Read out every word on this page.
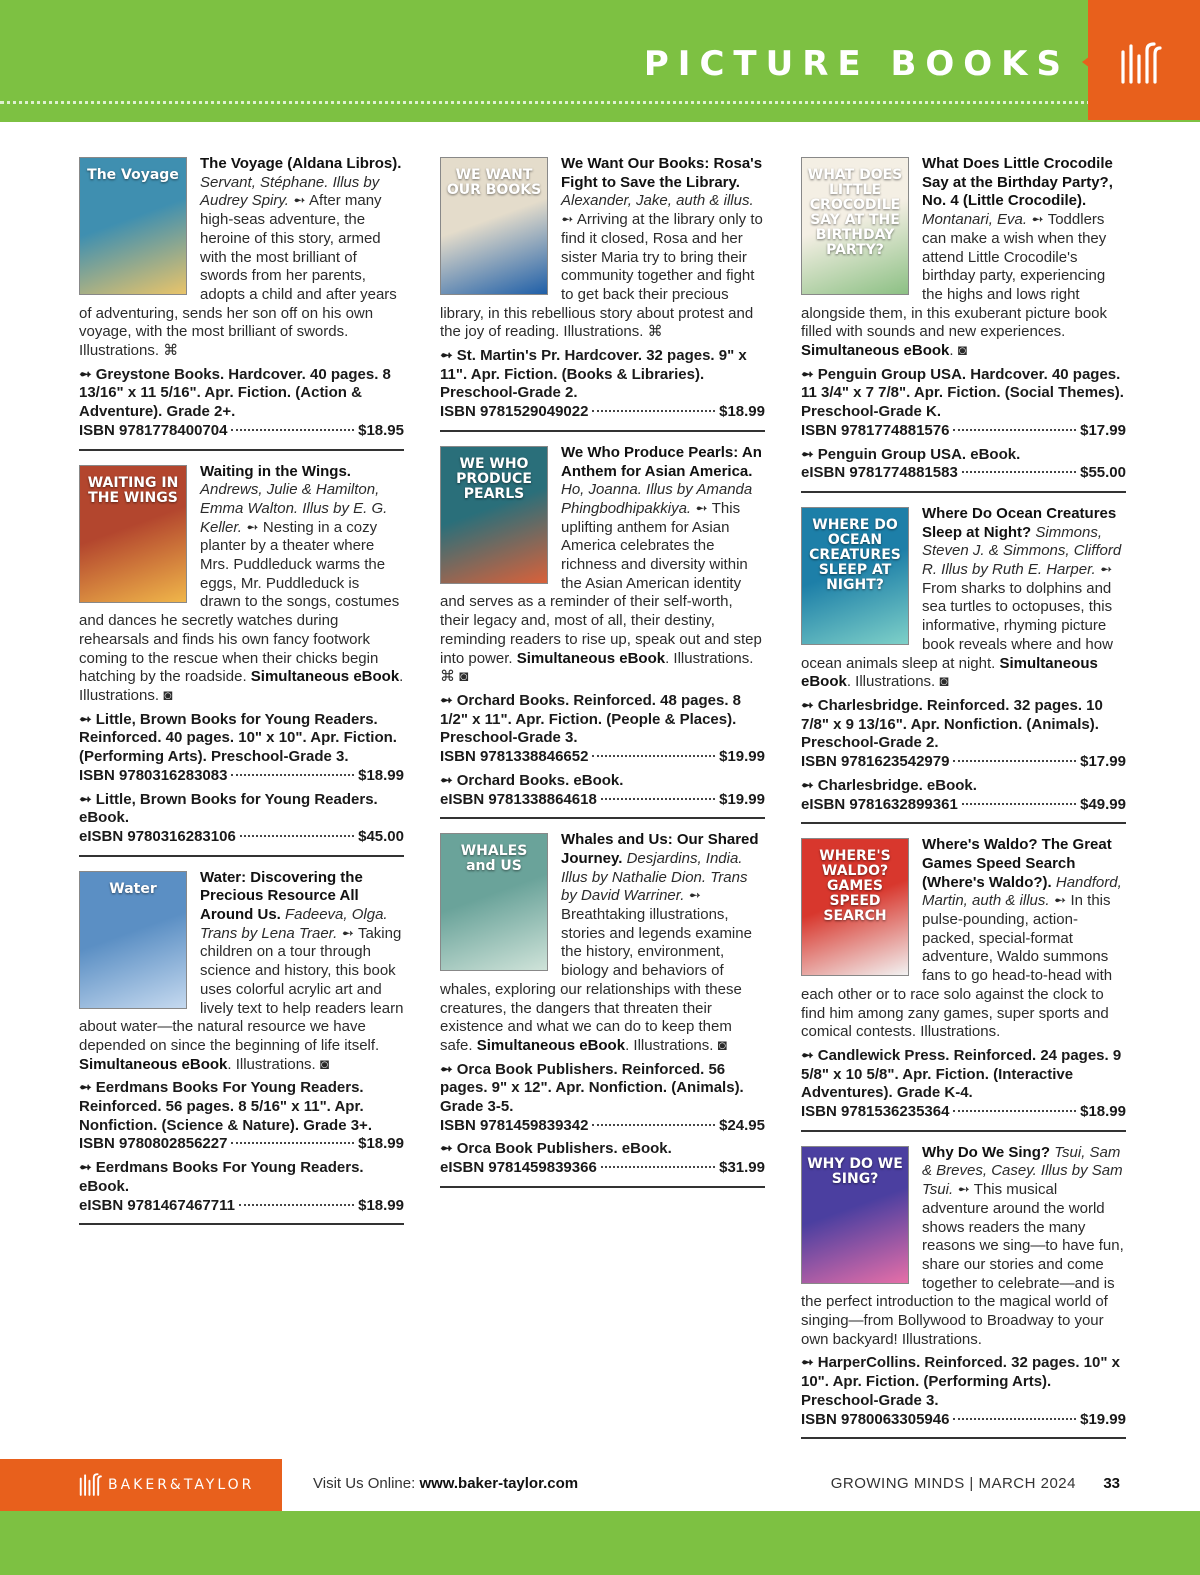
PICTURE BOOKS
The Voyage
The Voyage (Aldana Libros). Servant, Stéphane. Illus by Audrey Spiry. ➻ After many high-seas adventure, the heroine of this story, armed with the most brilliant of swords from her parents, adopts a child and after years of adventuring, sends her son off on his own voyage, with the most brilliant of swords. Illustrations. ⌘
➻ Greystone Books. Hardcover. 40 pages. 8 13/16" x 11 5/16". Apr. Fiction. (Action & Adventure). Grade 2+.
ISBN 9781778400704	$18.95
WAITING IN THE WINGS
Waiting in the Wings. Andrews, Julie & Hamilton, Emma Walton. Illus by E. G. Keller. ➻ Nesting in a cozy planter by a theater where Mrs. Puddleduck warms the eggs, Mr. Puddleduck is drawn to the songs, costumes and dances he secretly watches during rehearsals and finds his own fancy footwork coming to the rescue when their chicks begin hatching by the roadside. Simultaneous eBook. Illustrations. ◙
➻ Little, Brown Books for Young Readers. Reinforced. 40 pages. 10" x 10". Apr. Fiction. (Performing Arts). Preschool-Grade 3.
ISBN 9780316283083	$18.99
➻ Little, Brown Books for Young Readers. eBook.
eISBN 9780316283106	$45.00
Water
Water: Discovering the Precious Resource All Around Us. Fadeeva, Olga. Trans by Lena Traer. ➻ Taking children on a tour through science and history, this book uses colorful acrylic art and lively text to help readers learn about water—the natural resource we have depended on since the beginning of life itself. Simultaneous eBook. Illustrations. ◙
➻ Eerdmans Books For Young Readers. Reinforced. 56 pages. 8 5/16" x 11". Apr. Nonfiction. (Science & Nature). Grade 3+.
ISBN 9780802856227	$18.99
➻ Eerdmans Books For Young Readers. eBook.
eISBN 9781467467711	$18.99
WE WANT OUR BOOKS
We Want Our Books: Rosa's Fight to Save the Library. Alexander, Jake, auth & illus. ➻ Arriving at the library only to find it closed, Rosa and her sister Maria try to bring their community together and fight to get back their precious library, in this rebellious story about protest and the joy of reading. Illustrations. ⌘
➻ St. Martin's Pr. Hardcover. 32 pages. 9" x 11". Apr. Fiction. (Books & Libraries). Preschool-Grade 2.
ISBN 9781529049022	$18.99
WE WHO PRODUCE PEARLS
We Who Produce Pearls: An Anthem for Asian America. Ho, Joanna. Illus by Amanda Phingbodhipakkiya. ➻ This uplifting anthem for Asian America celebrates the richness and diversity within the Asian American identity and serves as a reminder of their self-worth, their legacy and, most of all, their destiny, reminding readers to rise up, speak out and step into power. Simultaneous eBook. Illustrations. ⌘ ◙
➻ Orchard Books. Reinforced. 48 pages. 8 1/2" x 11". Apr. Fiction. (People & Places). Preschool-Grade 3.
ISBN 9781338846652	$19.99
➻ Orchard Books. eBook.
eISBN 9781338864618	$19.99
WHALES and US
Whales and Us: Our Shared Journey. Desjardins, India. Illus by Nathalie Dion. Trans by David Warriner. ➻ Breathtaking illustrations, stories and legends examine the history, environment, biology and behaviors of whales, exploring our relationships with these creatures, the dangers that threaten their existence and what we can do to keep them safe. Simultaneous eBook. Illustrations. ◙
➻ Orca Book Publishers. Reinforced. 56 pages. 9" x 12". Apr. Nonfiction. (Animals). Grade 3-5.
ISBN 9781459839342	$24.95
➻ Orca Book Publishers. eBook.
eISBN 9781459839366	$31.99
WHAT DOES LITTLE CROCODILE SAY AT THE BIRTHDAY PARTY?
What Does Little Crocodile Say at the Birthday Party?, No. 4 (Little Crocodile). Montanari, Eva. ➻ Toddlers can make a wish when they attend Little Crocodile's birthday party, experiencing the highs and lows right alongside them, in this exuberant picture book filled with sounds and new experiences. Simultaneous eBook. ◙
➻ Penguin Group USA. Hardcover. 40 pages. 11 3/4" x 7 7/8". Apr. Fiction. (Social Themes). Preschool-Grade K.
ISBN 9781774881576	$17.99
➻ Penguin Group USA. eBook.
eISBN 9781774881583	$55.00
WHERE DO OCEAN CREATURES SLEEP AT NIGHT?
Where Do Ocean Creatures Sleep at Night? Simmons, Steven J. & Simmons, Clifford R. Illus by Ruth E. Harper. ➻ From sharks to dolphins and sea turtles to octopuses, this informative, rhyming picture book reveals where and how ocean animals sleep at night. Simultaneous eBook. Illustrations. ◙
➻ Charlesbridge. Reinforced. 32 pages. 10 7/8" x 9 13/16". Apr. Nonfiction. (Animals). Preschool-Grade 2.
ISBN 9781623542979	$17.99
➻ Charlesbridge. eBook.
eISBN 9781632899361	$49.99
WHERE'S WALDO? GAMES SPEED SEARCH
Where's Waldo? The Great Games Speed Search (Where's Waldo?). Handford, Martin, auth & illus. ➻ In this pulse-pounding, action-packed, special-format adventure, Waldo summons fans to go head-to-head with each other or to race solo against the clock to find him among zany games, super sports and comical contests. Illustrations.
➻ Candlewick Press. Reinforced. 24 pages. 9 5/8" x 10 5/8". Apr. Fiction. (Interactive Adventures). Grade K-4.
ISBN 9781536235364	$18.99
WHY DO WE SING?
Why Do We Sing? Tsui, Sam & Breves, Casey. Illus by Sam Tsui. ➻ This musical adventure around the world shows readers the many reasons we sing—to have fun, share our stories and come together to celebrate—and is the perfect introduction to the magical world of singing—from Bollywood to Broadway to your own backyard! Illustrations.
➻ HarperCollins. Reinforced. 32 pages. 10" x 10". Apr. Fiction. (Performing Arts). Preschool-Grade 3.
ISBN 9780063305946	$19.99
BAKER&TAYLOR	Visit Us Online: www.baker-taylor.com	GROWING MINDS | MARCH 2024 33
